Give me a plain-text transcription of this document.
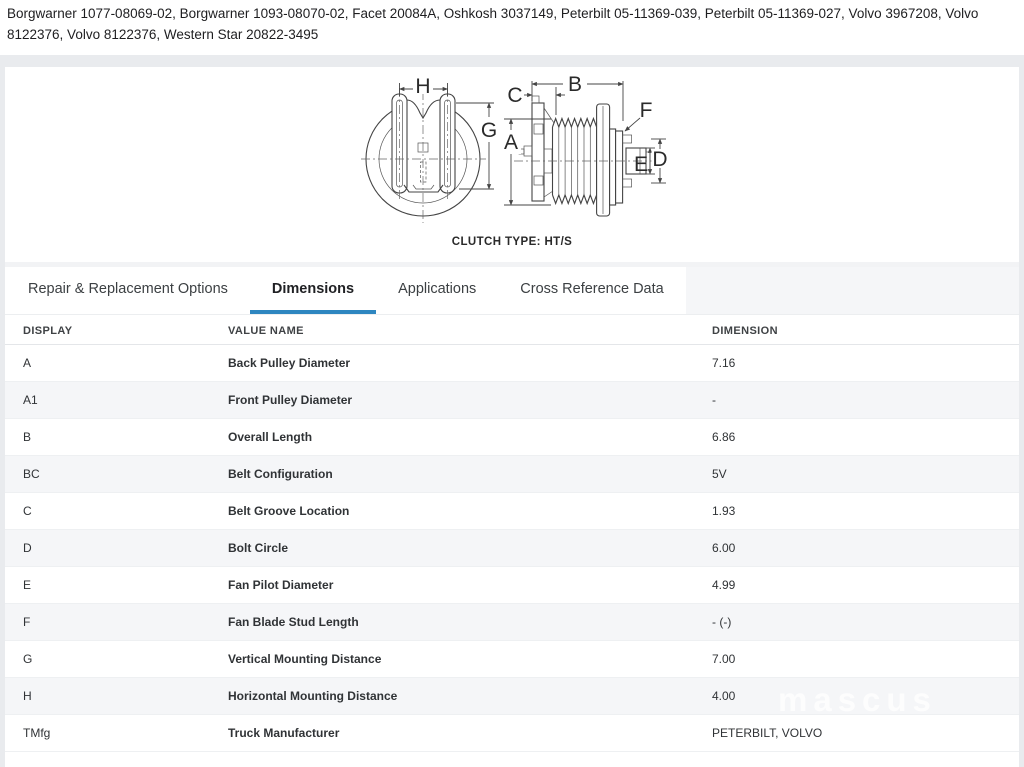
Borgwarner 1077-08069-02, Borgwarner 1093-08070-02, Facet 20084A, Oshkosh 3037149, Peterbilt 05-11369-039, Peterbilt 05-11369-027, Volvo 3967208, Volvo 8122376, Volvo 8122376, Western Star 20822-3495
H
G
A
B
C
F
E D
CLUTCH TYPE: HT/S
Repair & Replacement Options	Dimensions	Applications	Cross Reference Data
DISPLAY	VALUE NAME	DIMENSION
A	Back Pulley Diameter	7.16
A1	Front Pulley Diameter	-
B	Overall Length	6.86
BC	Belt Configuration	5V
C	Belt Groove Location	1.93
D	Bolt Circle	6.00
E	Fan Pilot Diameter	4.99
F	Fan Blade Stud Length	- (-)
G	Vertical Mounting Distance	7.00
H	Horizontal Mounting Distance	4.00
TMfg	Truck Manufacturer	PETERBILT, VOLVO
mascus
